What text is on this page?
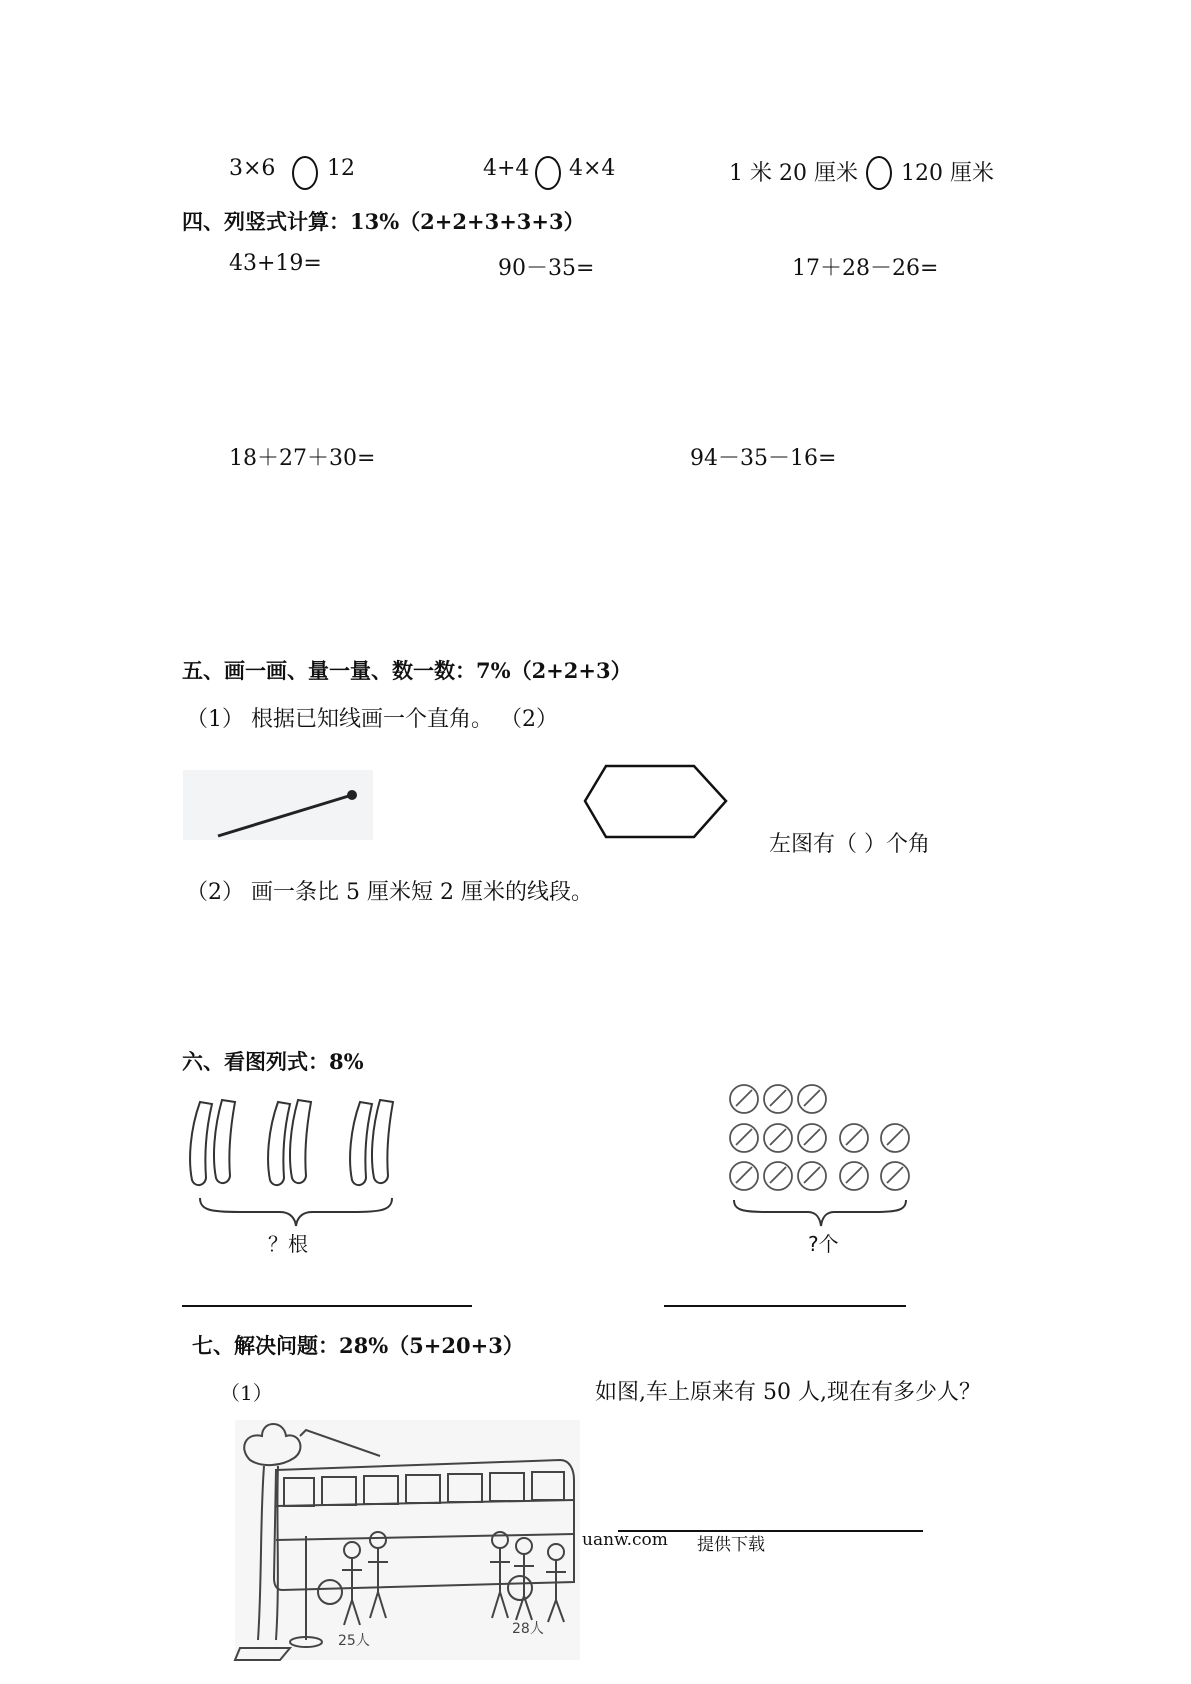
3×6 12	4+4 4×4	1 米 20 厘米 120 厘米
四、列竖式计算：13%（2+2+3+3+3）
43+19=	90－35=	17＋28－26=
18＋27＋30=	94－35－16=
五、画一画、量一量、数一数：7%（2+2+3）
（1） 根据已知线画一个直角。 （2）
左图有（ ）个角
（2） 画一条比 5 厘米短 2 厘米的线段。
六、看图列式：8%
？根	?个
七、解决问题：28%（5+20+3）
（1）	如图,车上原来有 50 人,现在有多少人？
25人
28人
uanw.com 提供下载
